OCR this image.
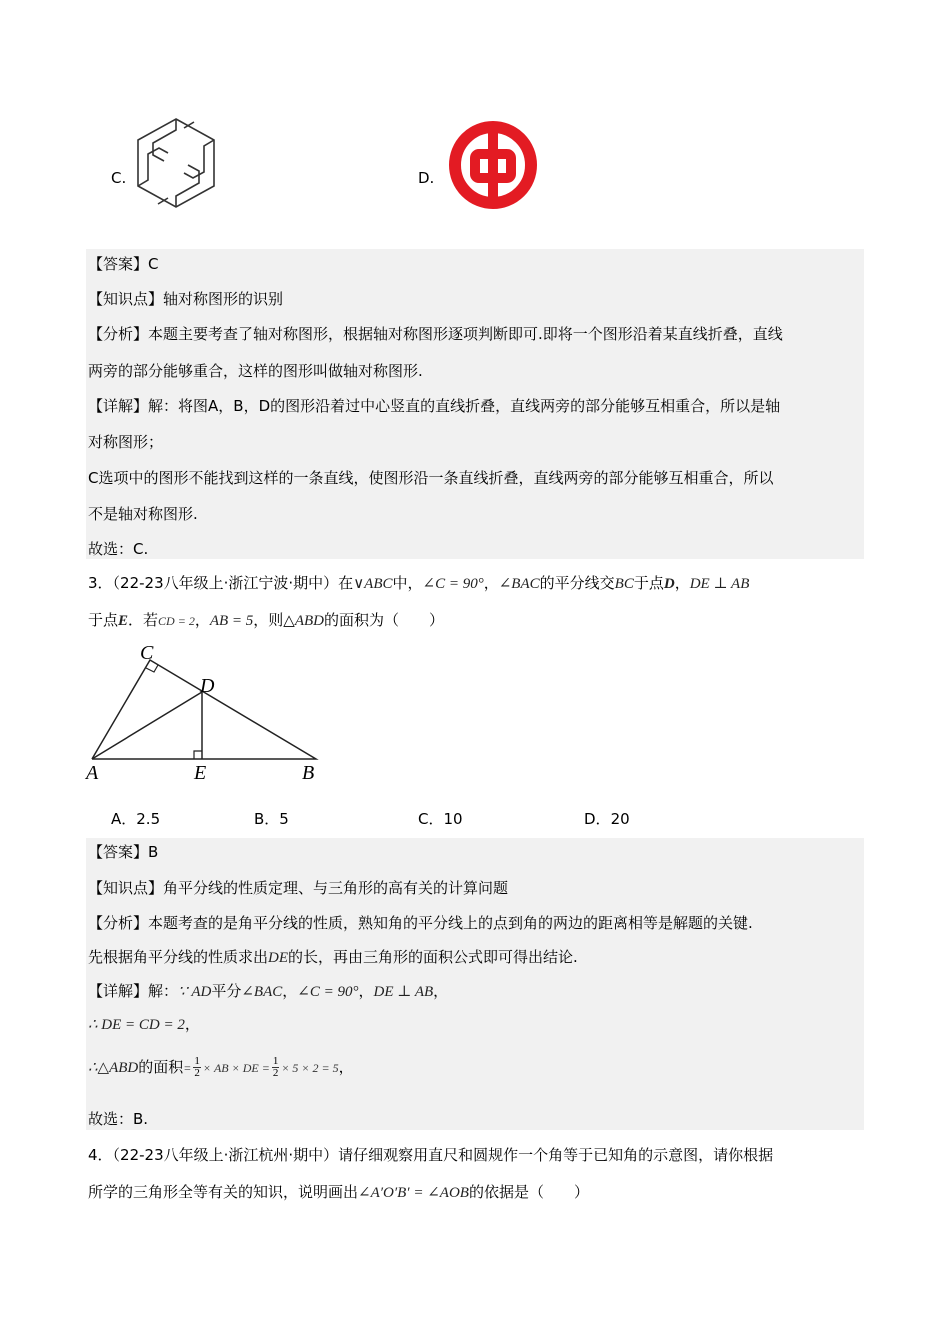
C.	D.
【答案】C
【知识点】轴对称图形的识别
【分析】本题主要考查了轴对称图形，根据轴对称图形逐项判断即可.即将一个图形沿着某直线折叠，直线
两旁的部分能够重合，这样的图形叫做轴对称图形.
【详解】解：将图A，B，D的图形沿着过中心竖直的直线折叠，直线两旁的部分能够互相重合，所以是轴
对称图形；
C选项中的图形不能找到这样的一条直线，使图形沿一条直线折叠，直线两旁的部分能够互相重合，所以
不是轴对称图形.
故选：C.
3．（22-23八年级上·浙江宁波·期中）在∨ABC中，∠C = 90°，∠BAC的平分线交BC于点D，DE ⊥ AB
于点E．若CD = 2，AB = 5，则△ABD的面积为（　　）
C
D
A	E	B
A．2.5	B．5	C．10	D．20
【答案】B
【知识点】角平分线的性质定理、与三角形的高有关的计算问题
【分析】本题考查的是角平分线的性质，熟知角的平分线上的点到角的两边的距离相等是解题的关键.
先根据角平分线的性质求出DE的长，再由三角形的面积公式即可得出结论.
【详解】解：∵ AD平分∠BAC，∠C = 90°，DE ⊥ AB，
∴ DE = CD = 2，
∴△ABD的面积= $\frac{1}{2}$ × AB × DE = $\frac{1}{2} \times 5 \times 2 = 5$，
故选：B.
4．（22-23八年级上·浙江杭州·期中）请仔细观察用直尺和圆规作一个角等于已知角的示意图，请你根据
所学的三角形全等有关的知识，说明画出∠A′O′B′ = ∠AOB的依据是（　　）
